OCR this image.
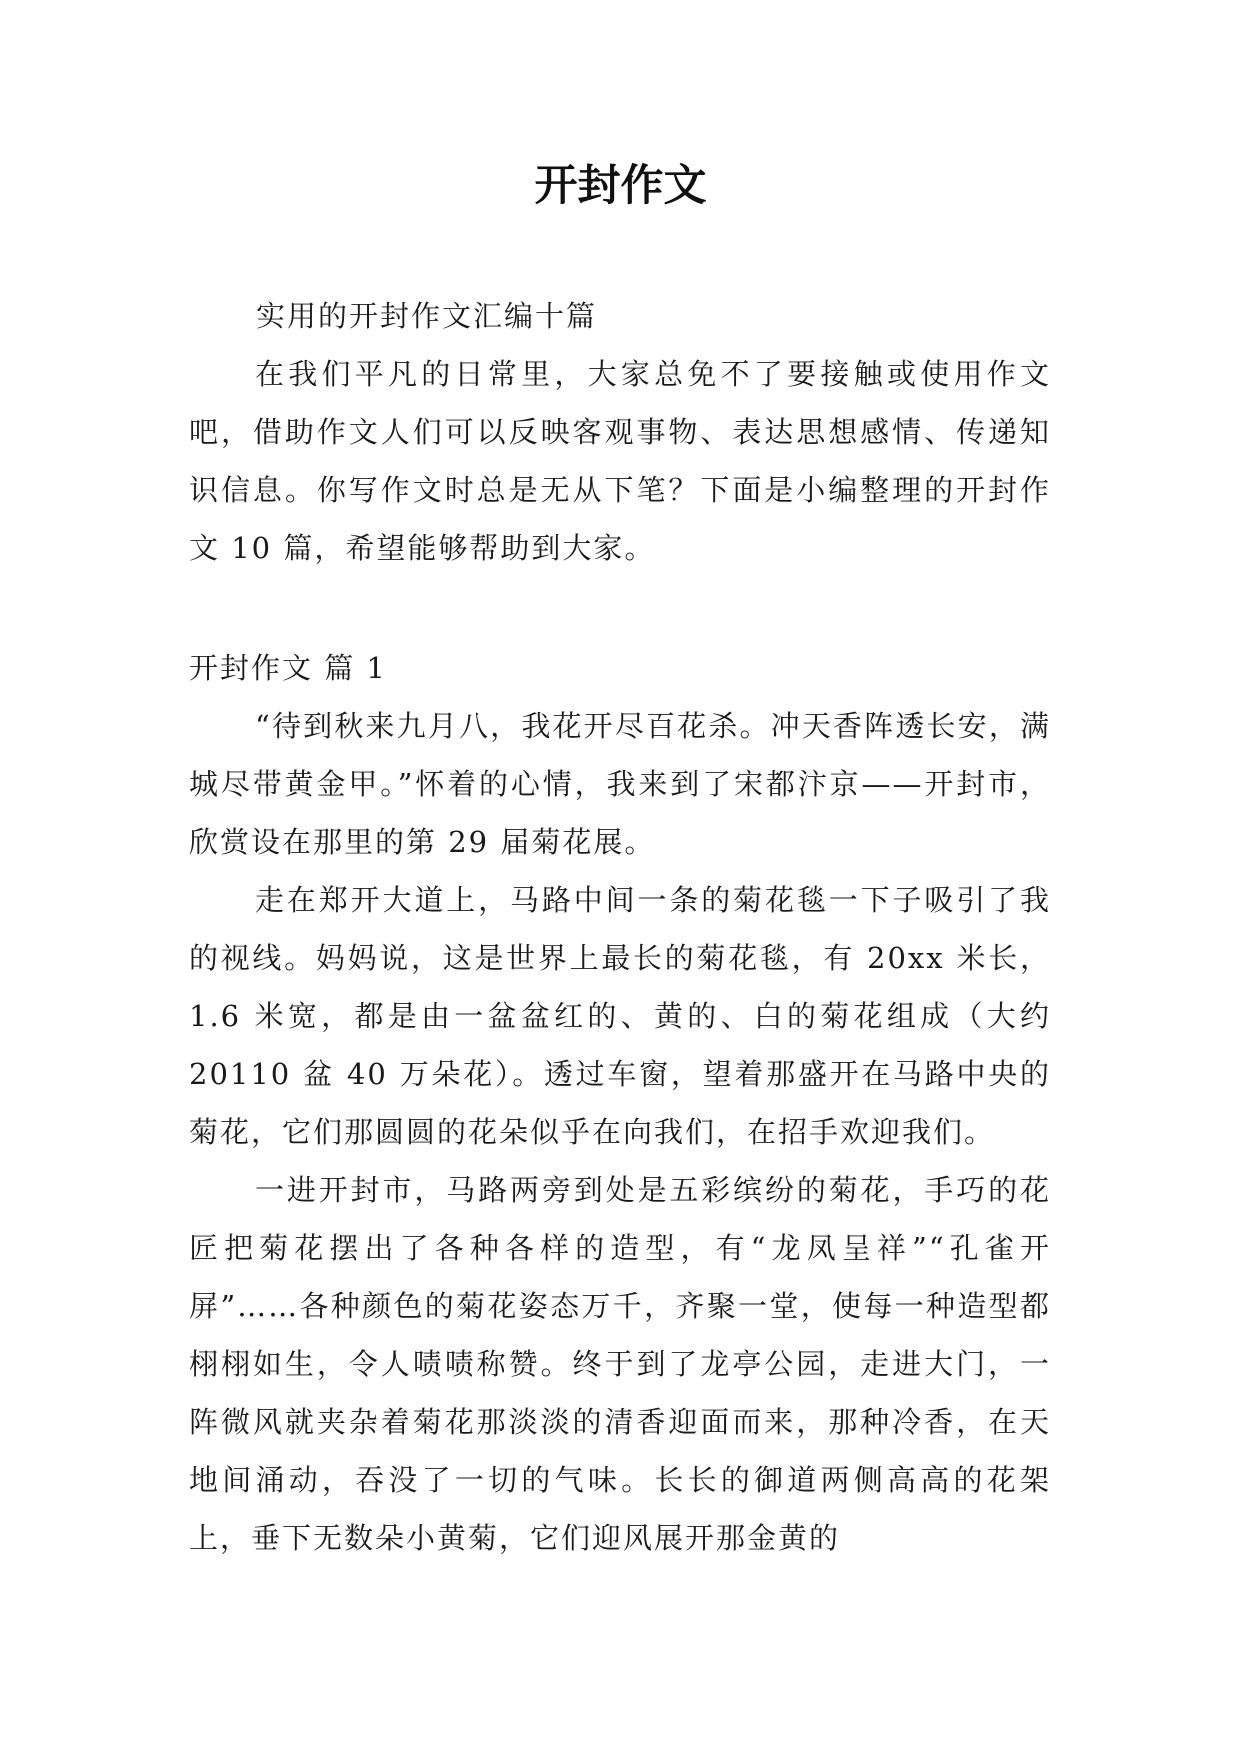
开封作文
实用的开封作文汇编十篇

在我们平凡的日常里，大家总免不了要接触或使用作文吧，借助作文人们可以反映客观事物、表达思想感情、传递知识信息。你写作文时总是无从下笔？下面是小编整理的开封作文 10 篇，希望能够帮助到大家。

开封作文 篇 1

“待到秋来九月八，我花开尽百花杀。冲天香阵透长安，满城尽带黄金甲。”怀着的心情，我来到了宋都汴京——开封市，欣赏设在那里的第 29 届菊花展。

走在郑开大道上，马路中间一条的菊花毯一下子吸引了我的视线。妈妈说，这是世界上最长的菊花毯，有 20xx 米长，1.6 米宽，都是由一盆盆红的、黄的、白的菊花组成（大约 20110 盆 40 万朵花）。透过车窗，望着那盛开在马路中央的菊花，它们那圆圆的花朵似乎在向我们，在招手欢迎我们。

一进开封市，马路两旁到处是五彩缤纷的菊花，手巧的花匠把菊花摆出了各种各样的造型，有“龙凤呈祥”“孔雀开屏”……各种颜色的菊花姿态万千，齐聚一堂，使每一种造型都栩栩如生，令人啧啧称赞。终于到了龙亭公园，走进大门，一阵微风就夹杂着菊花那淡淡的清香迎面而来，那种冷香，在天地间涌动，吞没了一切的气味。长长的御道两侧高高的花架上，垂下无数朵小黄菊，它们迎风展开那金黄的
